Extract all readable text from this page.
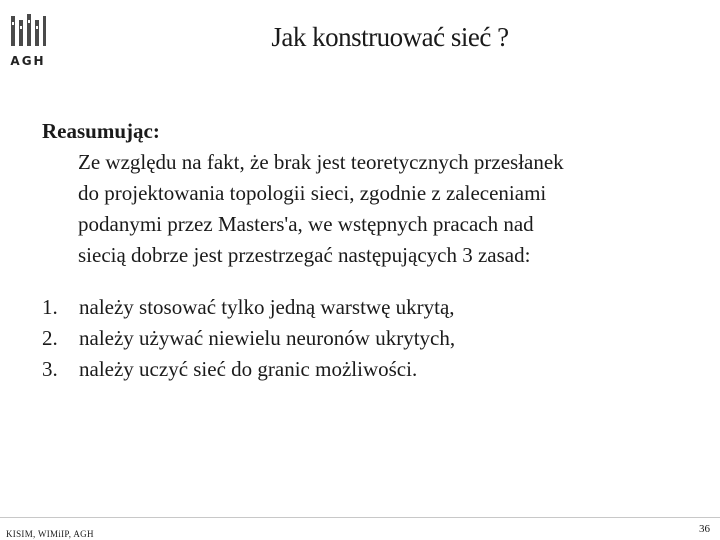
AGH
Jak konstruować sieć ?
Reasumując:
Ze względu na fakt, że brak jest teoretycznych przesłanek
do projektowania topologii sieci, zgodnie z zaleceniami
podanymi przez Masters'a, we wstępnych pracach nad
siecią dobrze jest przestrzegać następujących 3 zasad:
1.	należy stosować tylko jedną warstwę ukrytą,
2.	należy używać niewielu neuronów ukrytych,
3.	należy uczyć sieć do granic możliwości.
KISIM, WIMiIP, AGH	36
